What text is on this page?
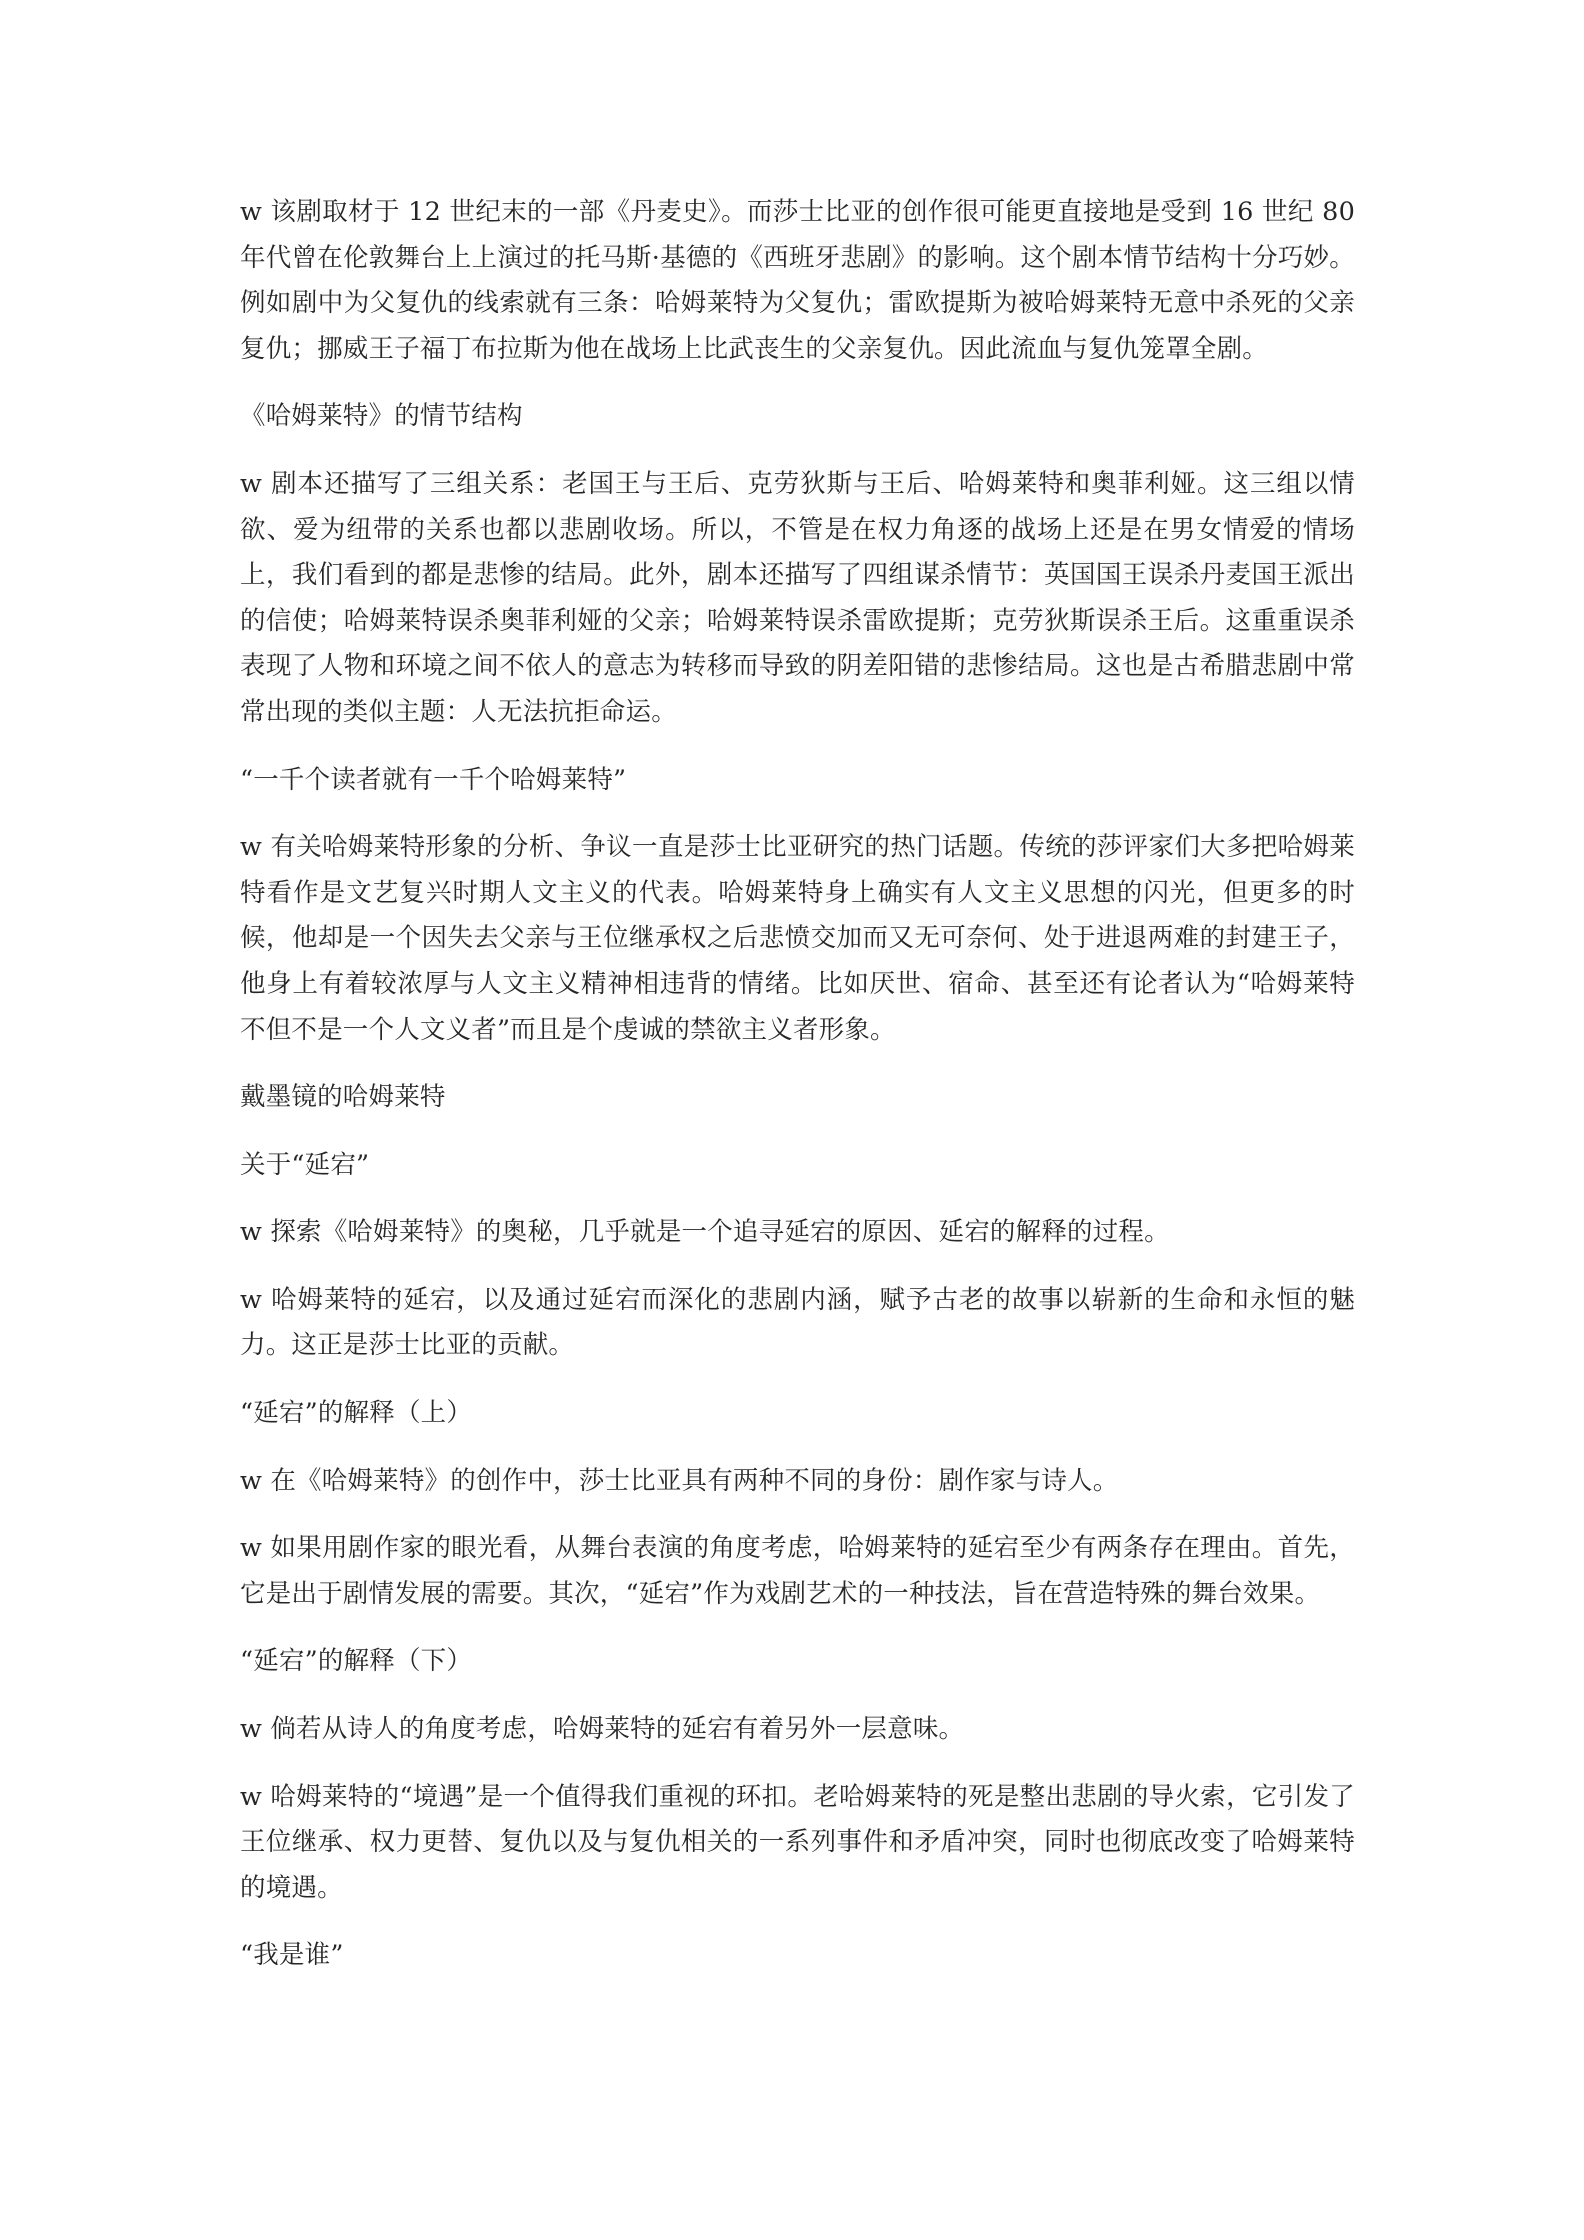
w 该剧取材于 12 世纪末的一部《丹麦史》。而莎士比亚的创作很可能更直接地是受到 16 世纪 80 年代曾在伦敦舞台上上演过的托马斯·基德的《西班牙悲剧》的影响。这个剧本情节结构十分巧妙。例如剧中为父复仇的线索就有三条：哈姆莱特为父复仇；雷欧提斯为被哈姆莱特无意中杀死的父亲复仇；挪威王子福丁布拉斯为他在战场上比武丧生的父亲复仇。因此流血与复仇笼罩全剧。

《哈姆莱特》的情节结构

w 剧本还描写了三组关系：老国王与王后、克劳狄斯与王后、哈姆莱特和奥菲利娅。这三组以情欲、爱为纽带的关系也都以悲剧收场。所以，不管是在权力角逐的战场上还是在男女情爱的情场上，我们看到的都是悲惨的结局。此外，剧本还描写了四组谋杀情节：英国国王误杀丹麦国王派出的信使；哈姆莱特误杀奥菲利娅的父亲；哈姆莱特误杀雷欧提斯；克劳狄斯误杀王后。这重重误杀表现了人物和环境之间不依人的意志为转移而导致的阴差阳错的悲惨结局。这也是古希腊悲剧中常常出现的类似主题：人无法抗拒命运。

“一千个读者就有一千个哈姆莱特”

w 有关哈姆莱特形象的分析、争议一直是莎士比亚研究的热门话题。传统的莎评家们大多把哈姆莱特看作是文艺复兴时期人文主义的代表。哈姆莱特身上确实有人文主义思想的闪光，但更多的时候，他却是一个因失去父亲与王位继承权之后悲愤交加而又无可奈何、处于进退两难的封建王子，他身上有着较浓厚与人文主义精神相违背的情绪。比如厌世、宿命、甚至还有论者认为“哈姆莱特不但不是一个人文义者”而且是个虔诚的禁欲主义者形象。

戴墨镜的哈姆莱特

关于“延宕”

w 探索《哈姆莱特》的奥秘，几乎就是一个追寻延宕的原因、延宕的解释的过程。

w 哈姆莱特的延宕，以及通过延宕而深化的悲剧内涵，赋予古老的故事以崭新的生命和永恒的魅力。这正是莎士比亚的贡献。

“延宕”的解释（上）

w 在《哈姆莱特》的创作中，莎士比亚具有两种不同的身份：剧作家与诗人。

w 如果用剧作家的眼光看，从舞台表演的角度考虑，哈姆莱特的延宕至少有两条存在理由。首先，它是出于剧情发展的需要。其次，“延宕”作为戏剧艺术的一种技法，旨在营造特殊的舞台效果。

“延宕”的解释（下）

w 倘若从诗人的角度考虑，哈姆莱特的延宕有着另外一层意味。

w 哈姆莱特的“境遇”是一个值得我们重视的环扣。老哈姆莱特的死是整出悲剧的导火索，它引发了王位继承、权力更替、复仇以及与复仇相关的一系列事件和矛盾冲突，同时也彻底改变了哈姆莱特的境遇。

“我是谁”
